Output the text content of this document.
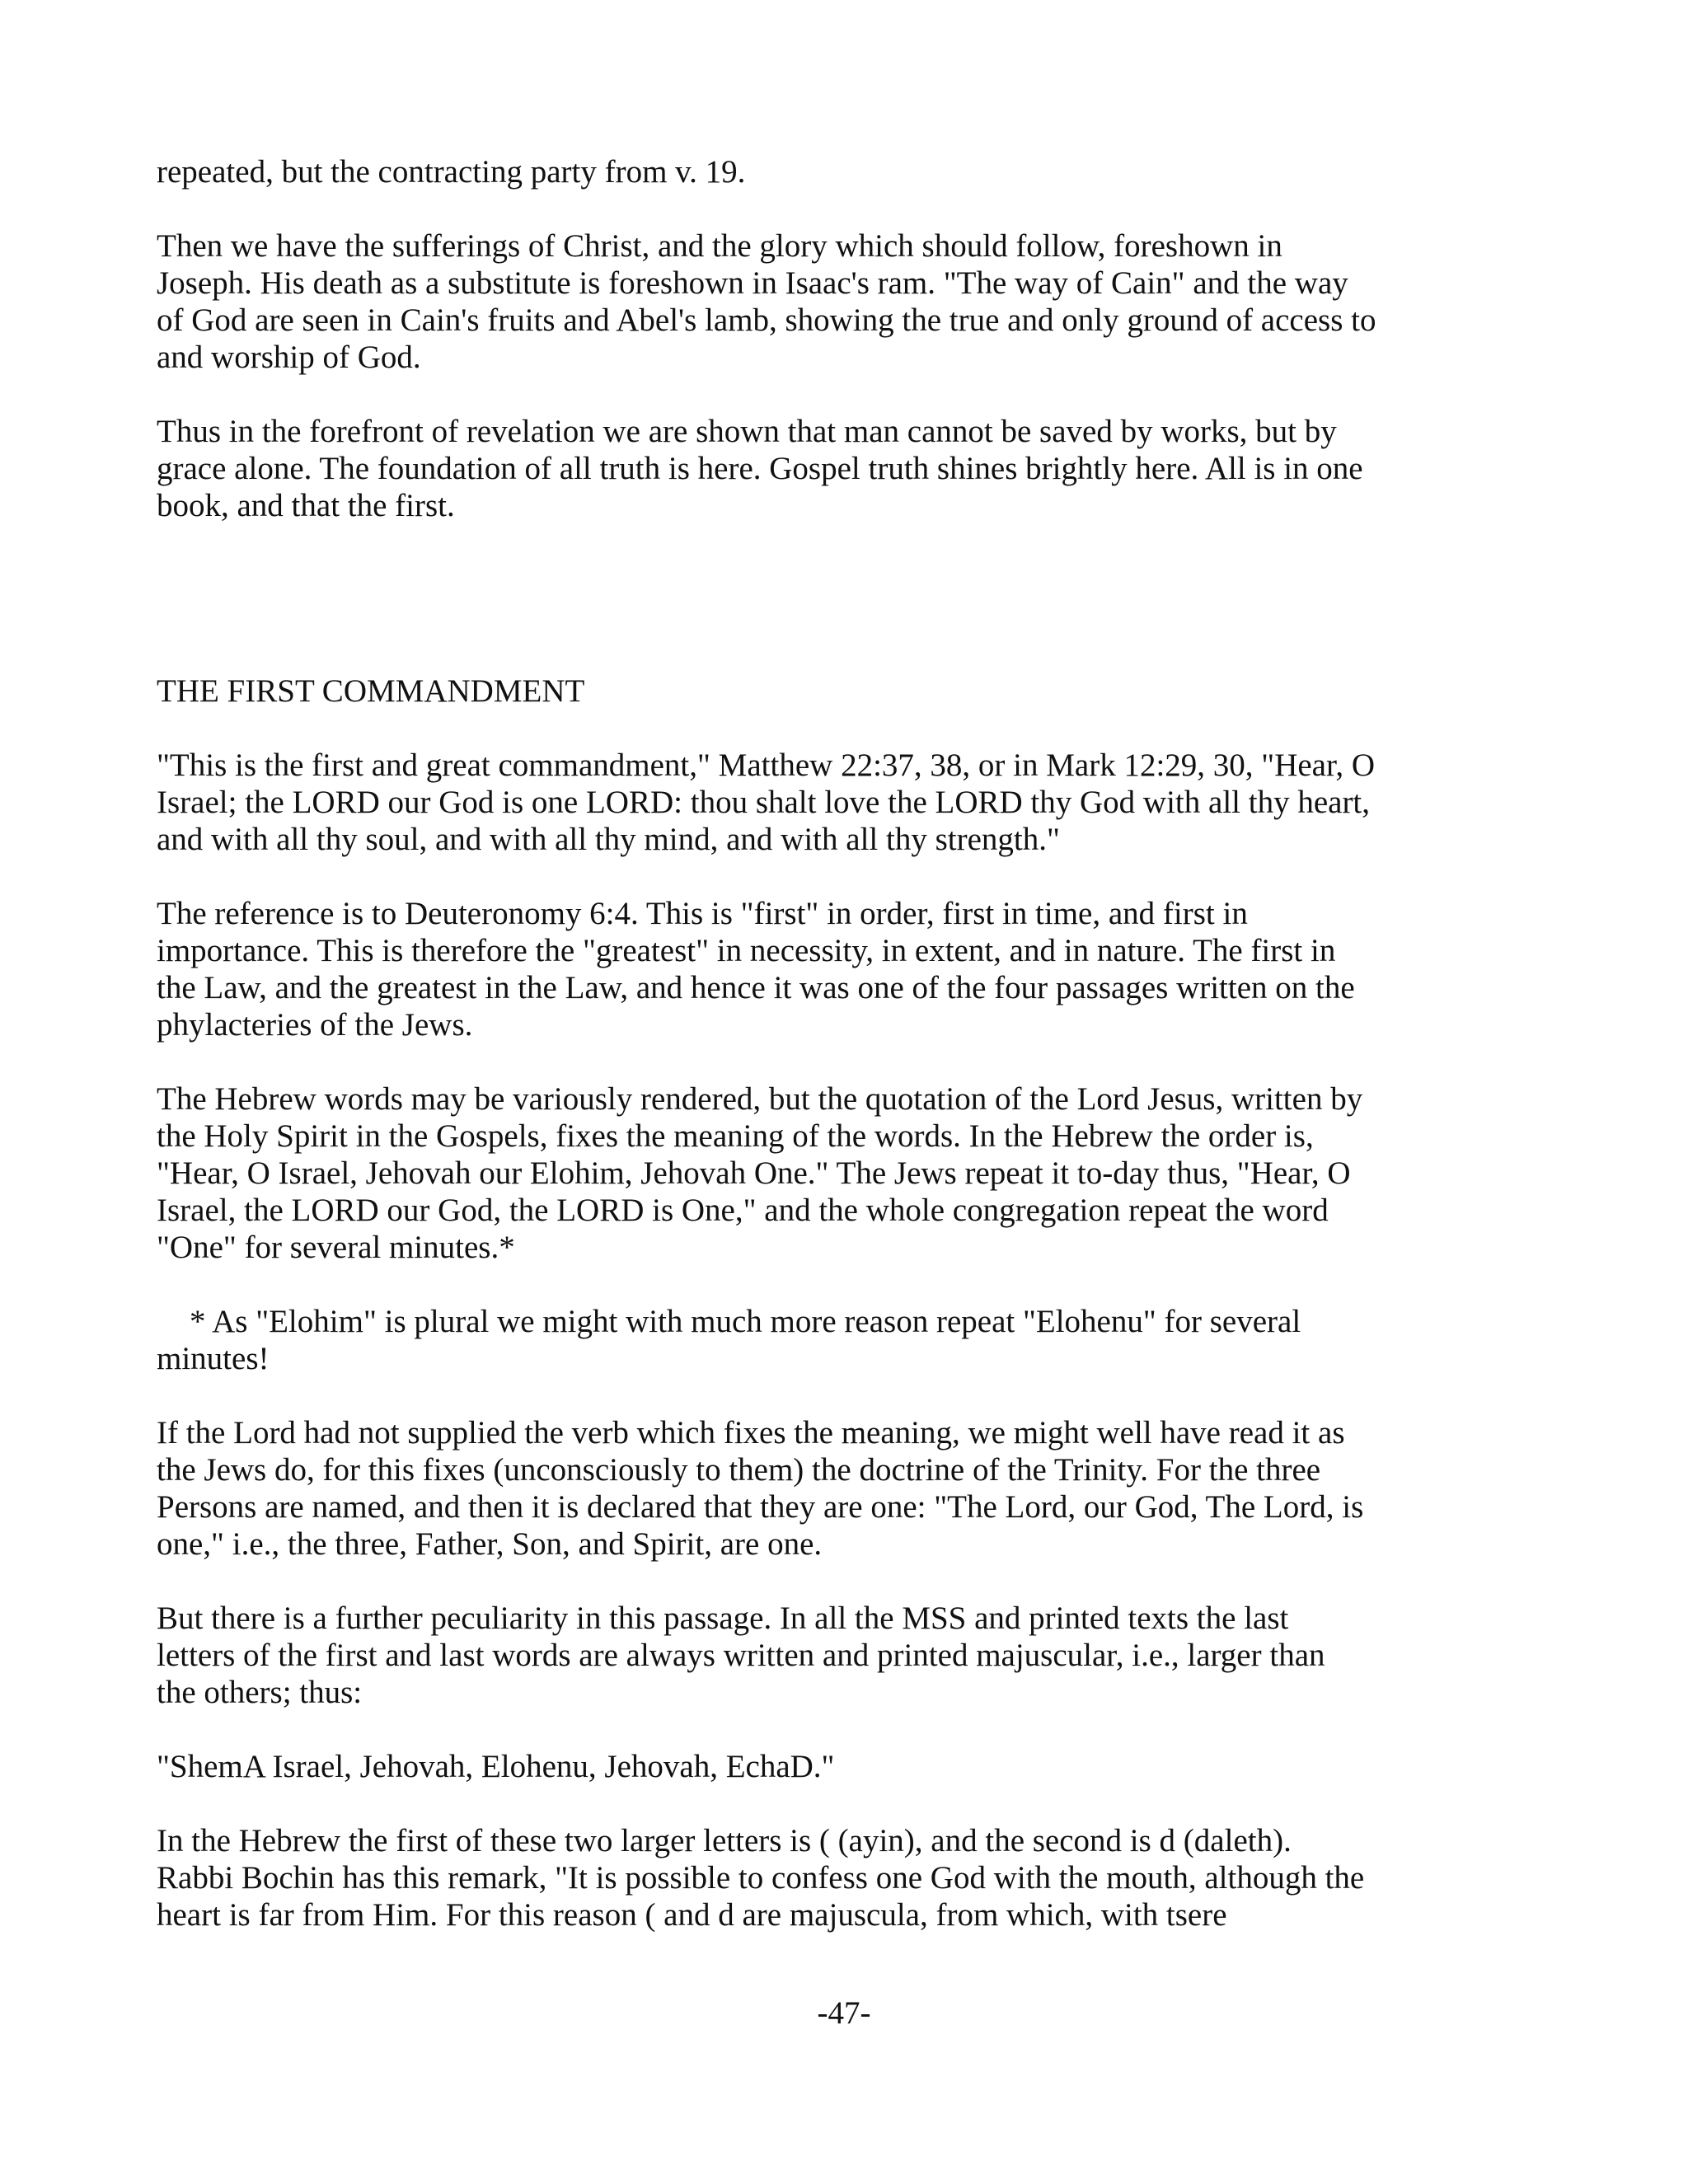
repeated, but the contracting party from v. 19.

Then we have the sufferings of Christ, and the glory which should follow, foreshown in
Joseph. His death as a substitute is foreshown in Isaac's ram. "The way of Cain" and the way
of God are seen in Cain's fruits and Abel's lamb, showing the true and only ground of access to
and worship of God.

Thus in the forefront of revelation we are shown that man cannot be saved by works, but by
grace alone. The foundation of all truth is here. Gospel truth shines brightly here. All is in one
book, and that the first.

THE FIRST COMMANDMENT

"This is the first and great commandment," Matthew 22:37, 38, or in Mark 12:29, 30, "Hear, O
Israel; the LORD our God is one LORD: thou shalt love the LORD thy God with all thy heart,
and with all thy soul, and with all thy mind, and with all thy strength."

The reference is to Deuteronomy 6:4. This is "first" in order, first in time, and first in
importance. This is therefore the "greatest" in necessity, in extent, and in nature. The first in
the Law, and the greatest in the Law, and hence it was one of the four passages written on the
phylacteries of the Jews.

The Hebrew words may be variously rendered, but the quotation of the Lord Jesus, written by
the Holy Spirit in the Gospels, fixes the meaning of the words. In the Hebrew the order is,
"Hear, O Israel, Jehovah our Elohim, Jehovah One." The Jews repeat it to-day thus, "Hear, O
Israel, the LORD our God, the LORD is One," and the whole congregation repeat the word
"One" for several minutes.*

* As "Elohim" is plural we might with much more reason repeat "Elohenu" for several
minutes!

If the Lord had not supplied the verb which fixes the meaning, we might well have read it as
the Jews do, for this fixes (unconsciously to them) the doctrine of the Trinity. For the three
Persons are named, and then it is declared that they are one: "The Lord, our God, The Lord, is
one," i.e., the three, Father, Son, and Spirit, are one.

But there is a further peculiarity in this passage. In all the MSS and printed texts the last
letters of the first and last words are always written and printed majuscular, i.e., larger than
the others; thus:

"ShemA Israel, Jehovah, Elohenu, Jehovah, EchaD."

In the Hebrew the first of these two larger letters is ( (ayin), and the second is d (daleth).
Rabbi Bochin has this remark, "It is possible to confess one God with the mouth, although the
heart is far from Him. For this reason ( and d are majuscula, from which, with tsere

-47-
